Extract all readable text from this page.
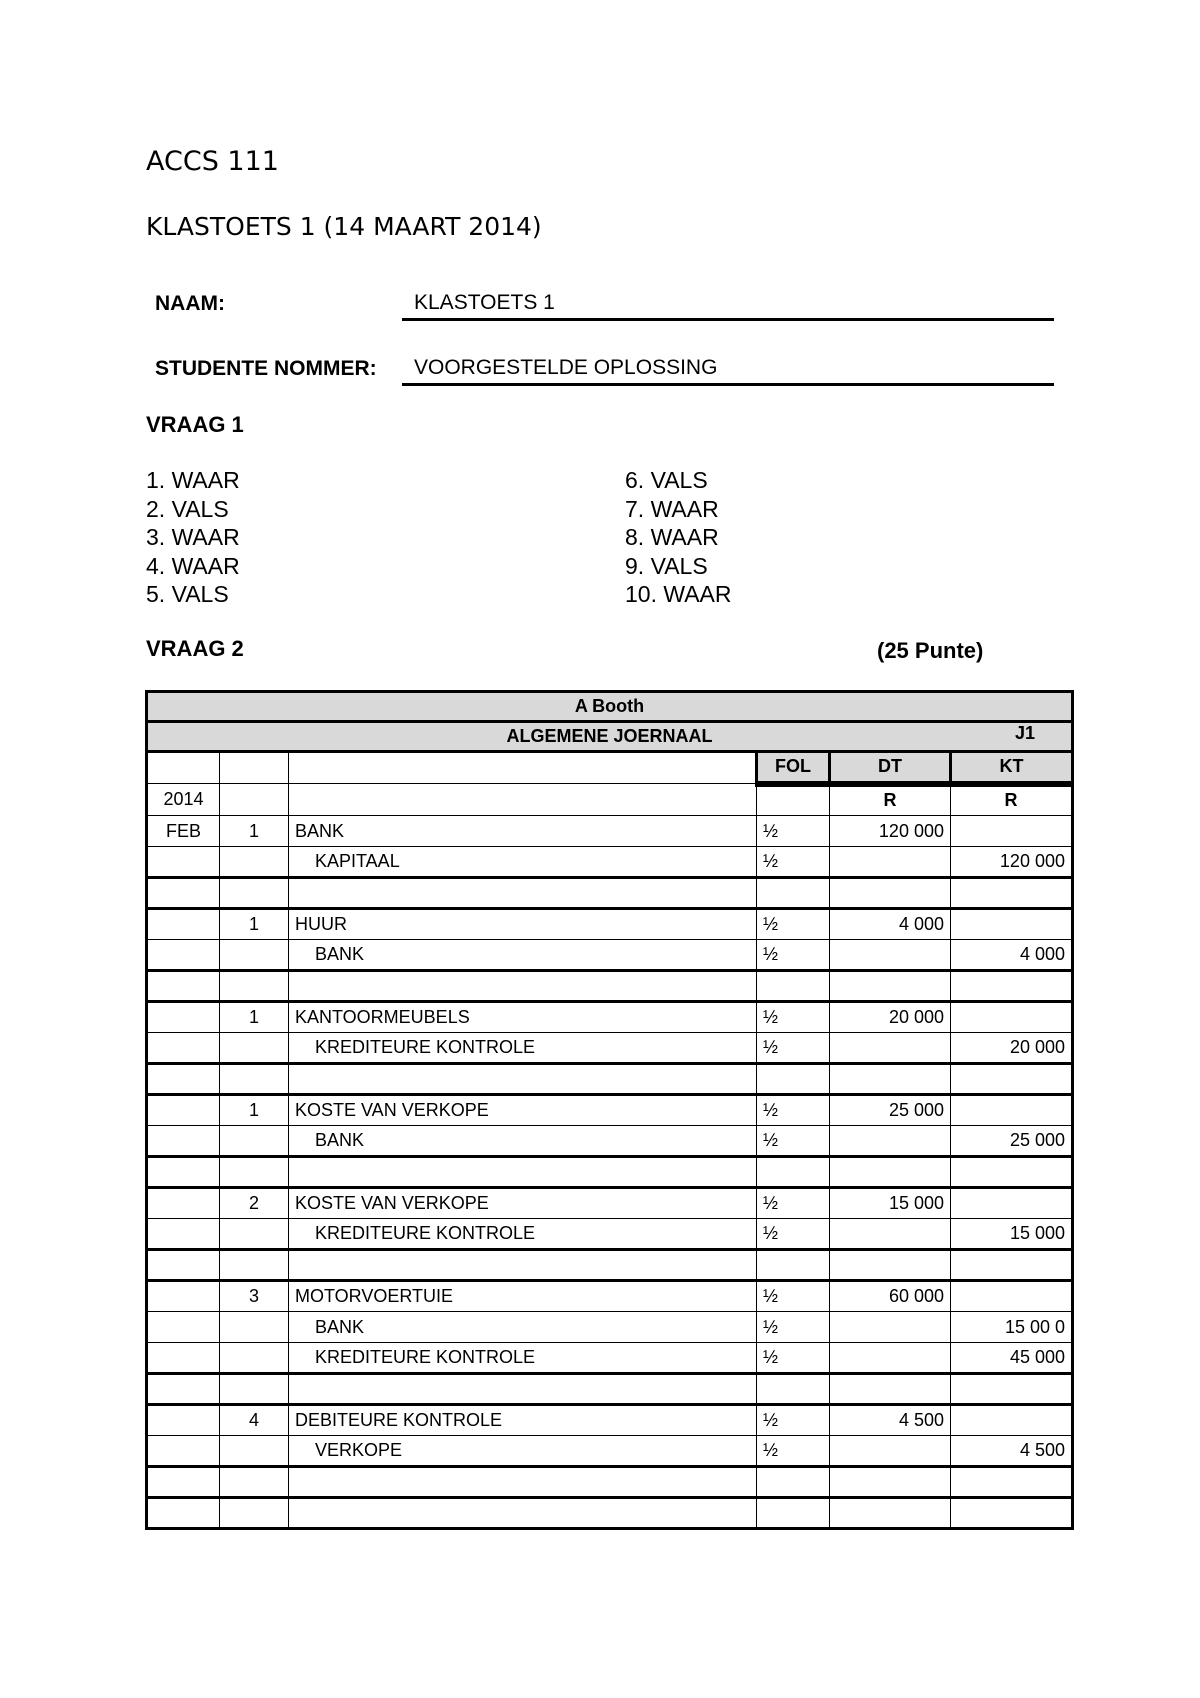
ACCS 111
KLASTOETS 1 (14 MAART 2014)
NAAM:	KLASTOETS 1
STUDENTE NOMMER:	VOORGESTELDE OPLOSSING
VRAAG 1
1. WAAR
2. VALS
3. WAAR
4. WAAR
5. VALS
6. VALS
7. WAAR
8. WAAR
9. VALS
10. WAAR
VRAAG 2	(25 Punte)
A Booth					
ALGEMENE JOERNAAL J1					

			FOL	DT	KT
2014				R	R
FEB	1	BANK	½	120 000	
		KAPITAAL	½		120 000

	1	HUUR	½	4 000	
		BANK	½		4 000

	1	KANTOORMEUBELS	½	20 000	
		KREDITEURE KONTROLE	½		20 000

	1	KOSTE VAN VERKOPE	½	25 000	
		BANK	½		25 000

	2	KOSTE VAN VERKOPE	½	15 000	
		KREDITEURE KONTROLE	½		15 000

	3	MOTORVOERTUIE	½	60 000	
		BANK	½		15 00 0
		KREDITEURE KONTROLE	½		45 000

	4	DEBITEURE KONTROLE	½	4 500	
		VERKOPE	½		4 500
